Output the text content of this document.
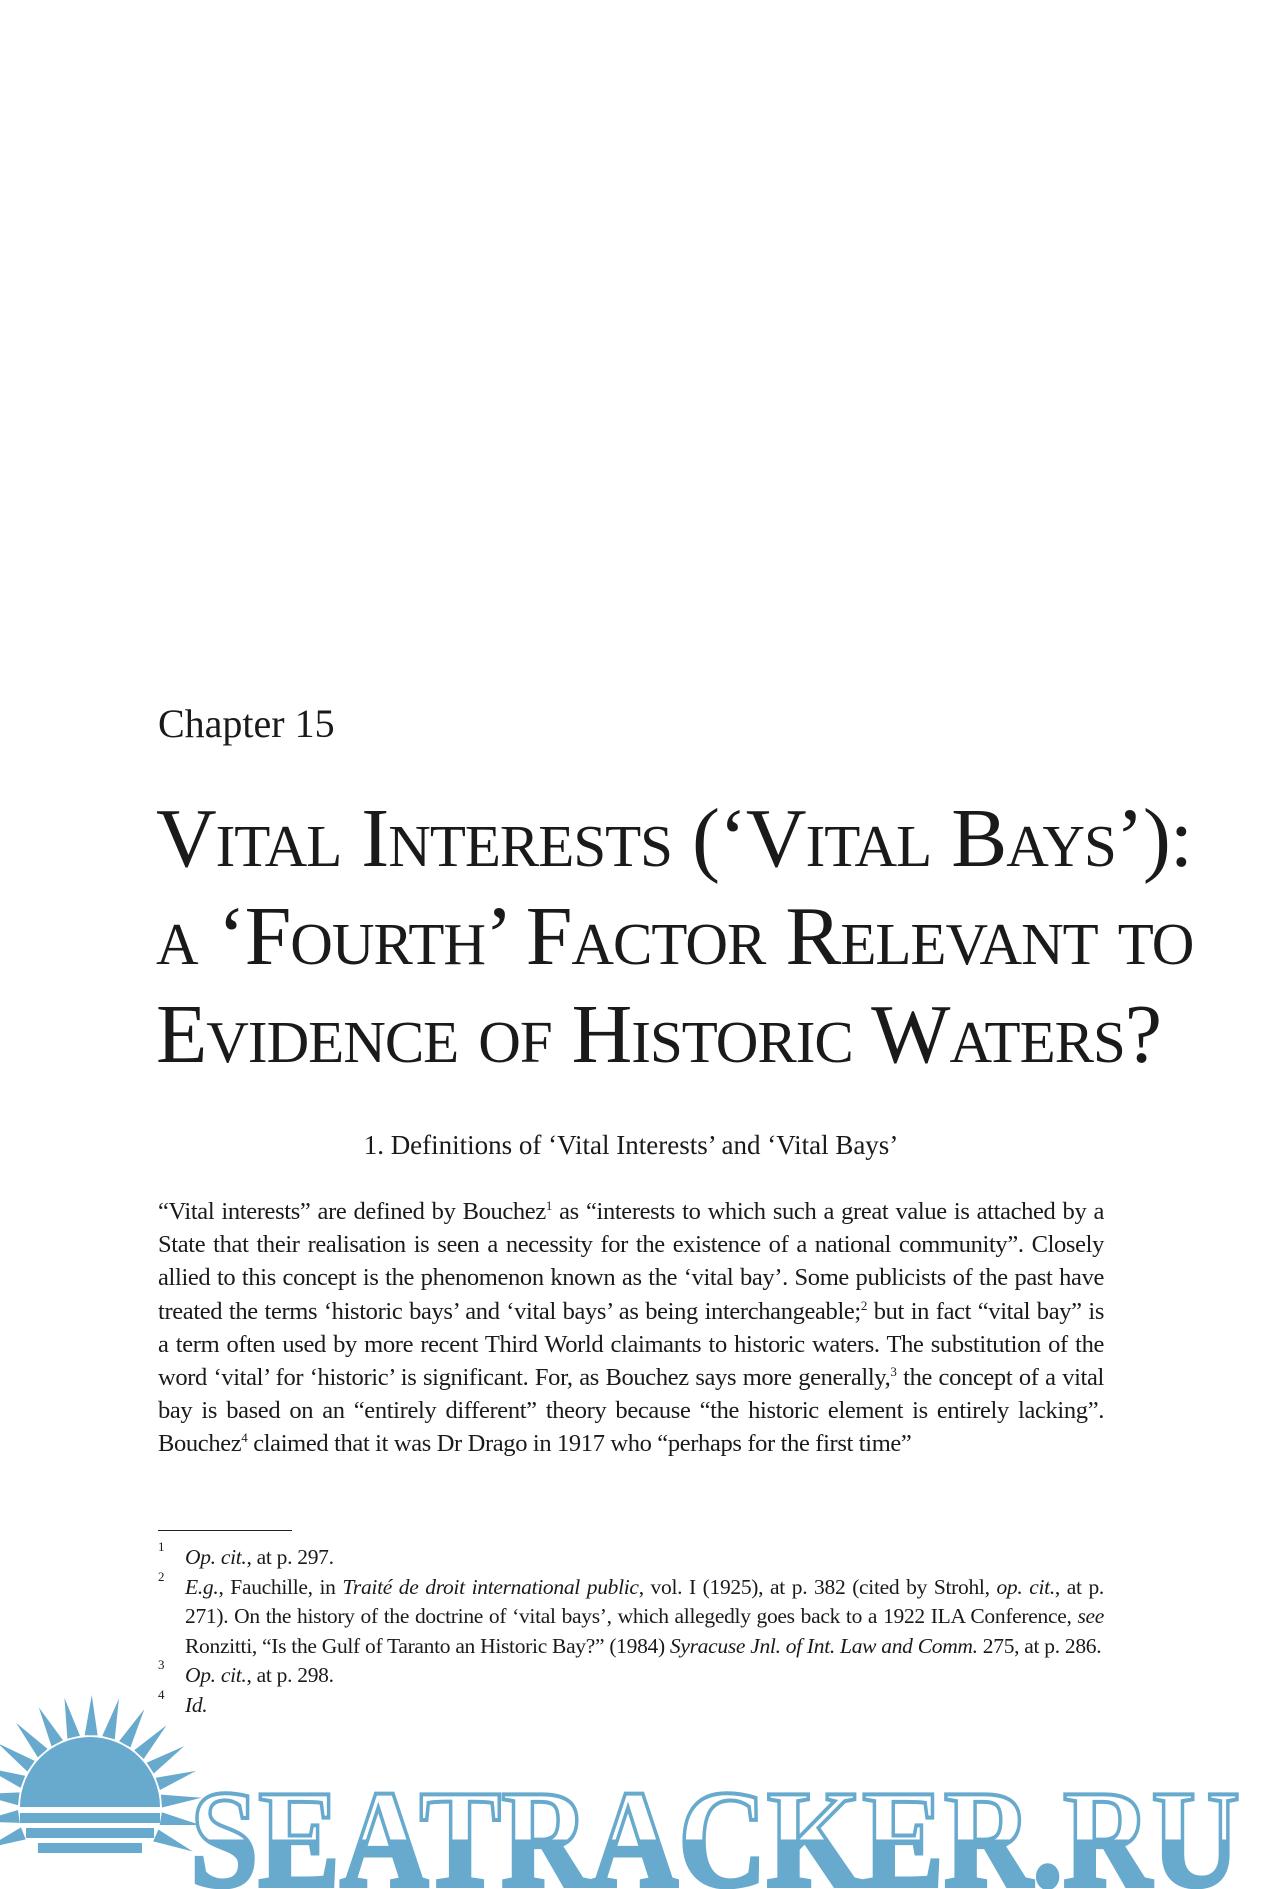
Chapter 15
Vital Interests (‘Vital Bays’):
a ‘Fourth’ Factor Relevant to
Evidence of Historic Waters?
1. Definitions of ‘Vital Interests’ and ‘Vital Bays’

“Vital interests” are defined by Bouchez$^1$ as “interests to which such a great value is attached by a State that their realisation is seen a necessity for the existence of a national community”. Closely allied to this concept is the phenomenon known as the ‘vital bay’. Some publicists of the past have treated the terms ‘historic bays’ and ‘vital bays’ as being interchangeable;$^2$ but in fact “vital bay” is a term often used by more recent Third World claimants to historic waters. The substitution of the word ‘vital’ for ‘historic’ is significant. For, as Bouchez says more generally,$^3$ the concept of a vital bay is based on an “entirely different” theory because “the historic element is entirely lacking”. Bouchez$^4$ claimed that it was Dr Drago in 1917 who “perhaps for the first time”

1 Op. cit., at p. 297.
2 E.g., Fauchille, in Traité de droit international public, vol. I (1925), at p. 382 (cited by Strohl, op. cit., at p. 271). On the history of the doctrine of ‘vital bays’, which allegedly goes back to a 1922 ILA Conference, see Ronzitti, “Is the Gulf of Taranto an Historic Bay?” (1984) Syracuse Jnl. of Int. Law and Comm. 275, at p. 286.
3 Op. cit., at p. 298.
4 Id.
SEATRACKER.RU
